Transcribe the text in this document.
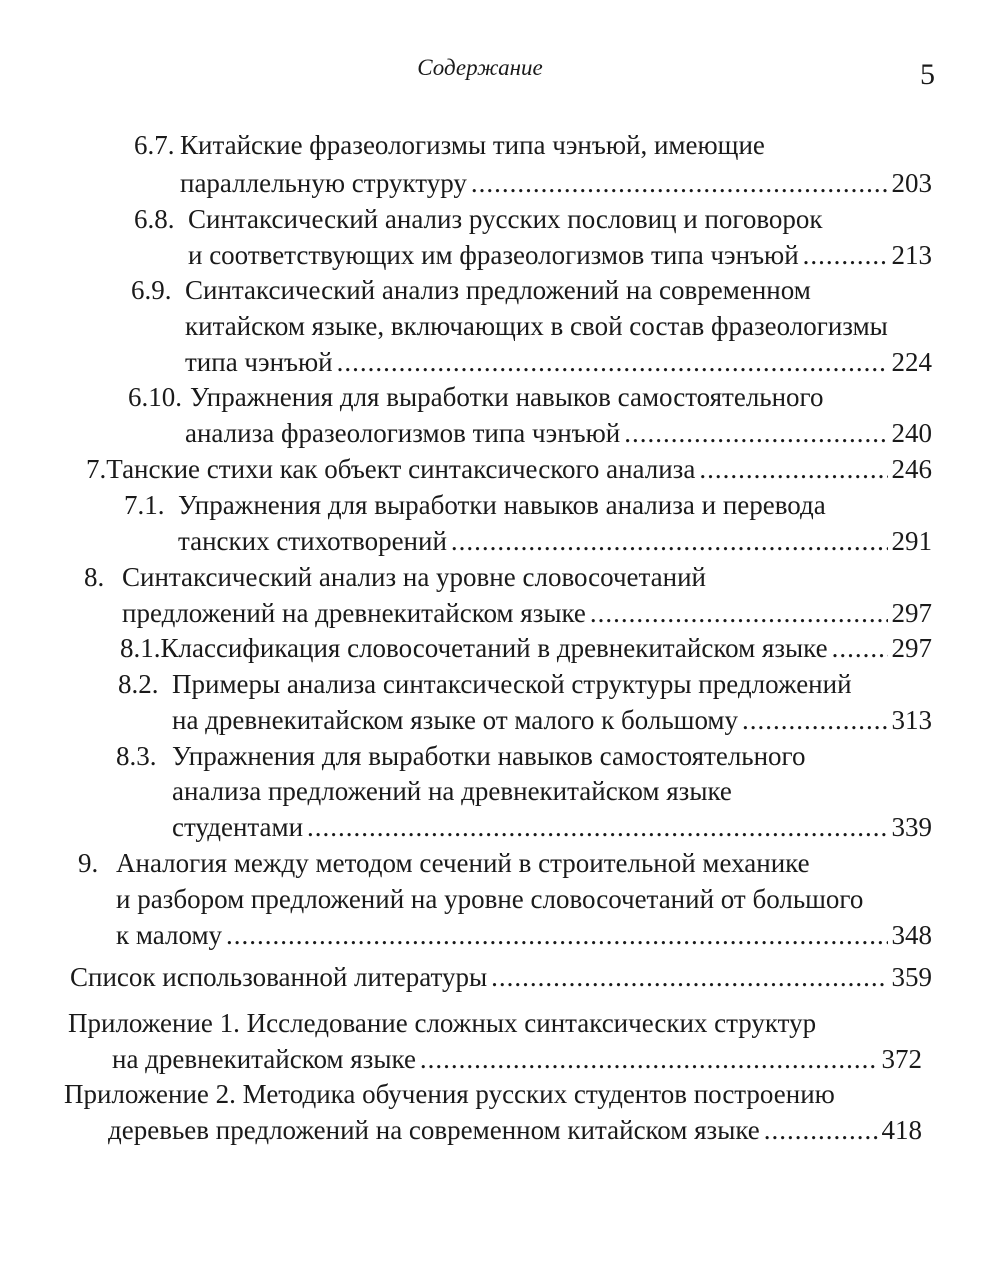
Содержание	5
6.7. Китайские фразеологизмы типа чэнъюй, имеющие
параллельную структуру .....	203
6.8. Синтаксический анализ русских пословиц и поговорок
и соответствующих им фразеологизмов типа чэнъюй .....	213
6.9. Синтаксический анализ предложений на современном
китайском языке, включающих в свой состав фразеологизмы
типа чэнъюй .....	224
6.10. Упражнения для выработки навыков самостоятельного
анализа фразеологизмов типа чэнъюй .....	240
7. Танские стихи как объект синтаксического анализа .....	246
7.1. Упражнения для выработки навыков анализа и перевода
танских стихотворений .....	291
8. Синтаксический анализ на уровне словосочетаний
предложений на древнекитайском языке .....	297
8.1. Классификация словосочетаний в древнекитайском языке ..... 297
8.2. Примеры анализа синтаксической структуры предложений
на древнекитайском языке от малого к большому .....	313
8.3. Упражнения для выработки навыков самостоятельного
анализа предложений на древнекитайском языке
студентами .....	339
9. Аналогия между методом сечений в строительной механике
и разбором предложений на уровне словосочетаний от большого
к малому .....	348
Список использованной литературы .....	359
Приложение 1. Исследование сложных синтаксических структур
на древнекитайском языке .....	372
Приложение 2. Методика обучения русских студентов построению
деревьев предложений на современном китайском языке .....	418
